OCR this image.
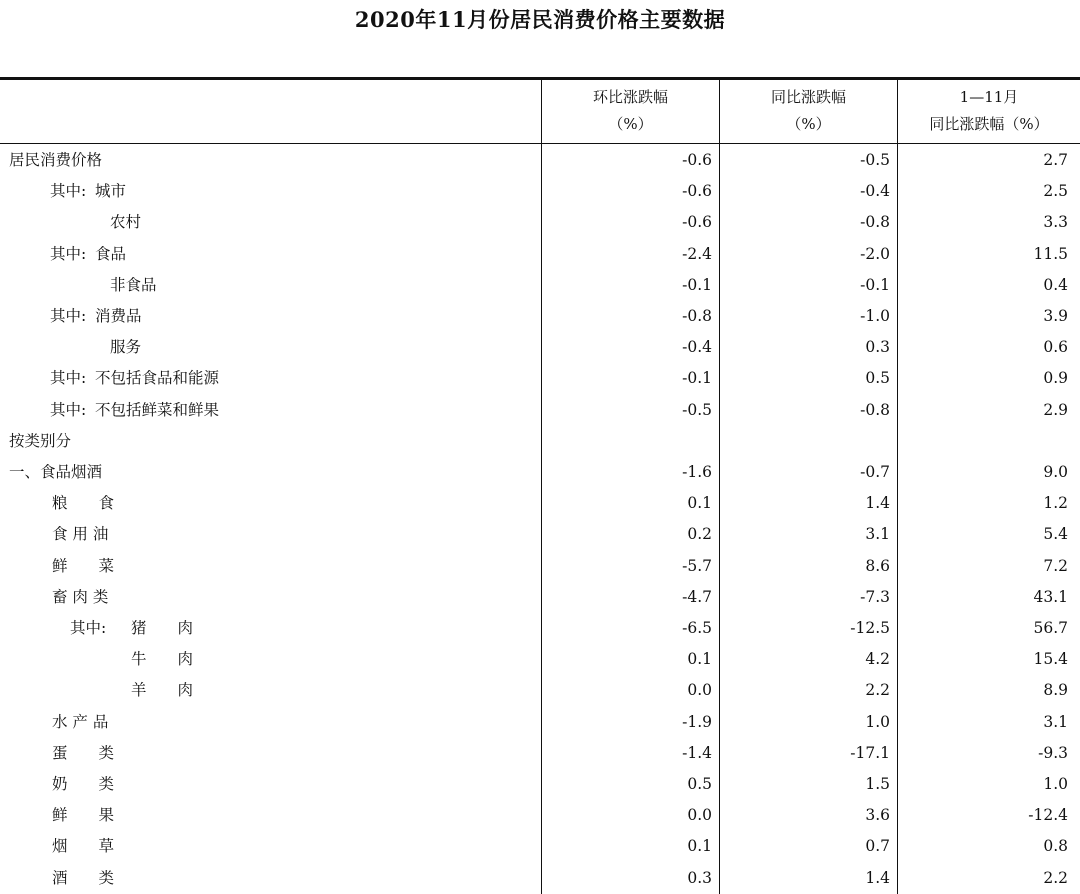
2020年11月份居民消费价格主要数据
环比涨跌幅
（%）
同比涨跌幅
（%）
1—11月
同比涨跌幅（%）
居民消费价格	-0.6	-0.5	2.7
其中: 城市	-0.6	-0.4	2.5
农村	-0.6	-0.8	3.3
其中: 食品	-2.4	-2.0	11.5
非食品	-0.1	-0.1	0.4
其中: 消费品	-0.8	-1.0	3.9
服务	-0.4	0.3	0.6
其中: 不包括食品和能源	-0.1	0.5	0.9
其中: 不包括鲜菜和鲜果	-0.5	-0.8	2.9
按类别分
一、食品烟酒	-1.6	-0.7	9.0
粮　　食	0.1	1.4	1.2
食 用 油	0.2	3.1	5.4
鲜　　菜	-5.7	8.6	7.2
畜 肉 类	-4.7	-7.3	43.1
其中: 猪　　肉	-6.5	-12.5	56.7
牛　　肉	0.1	4.2	15.4
羊　　肉	0.0	2.2	8.9
水 产 品	-1.9	1.0	3.1
蛋　　类	-1.4	-17.1	-9.3
奶　　类	0.5	1.5	1.0
鲜　　果	0.0	3.6	-12.4
烟　　草	0.1	0.7	0.8
酒　　类	0.3	1.4	2.2
